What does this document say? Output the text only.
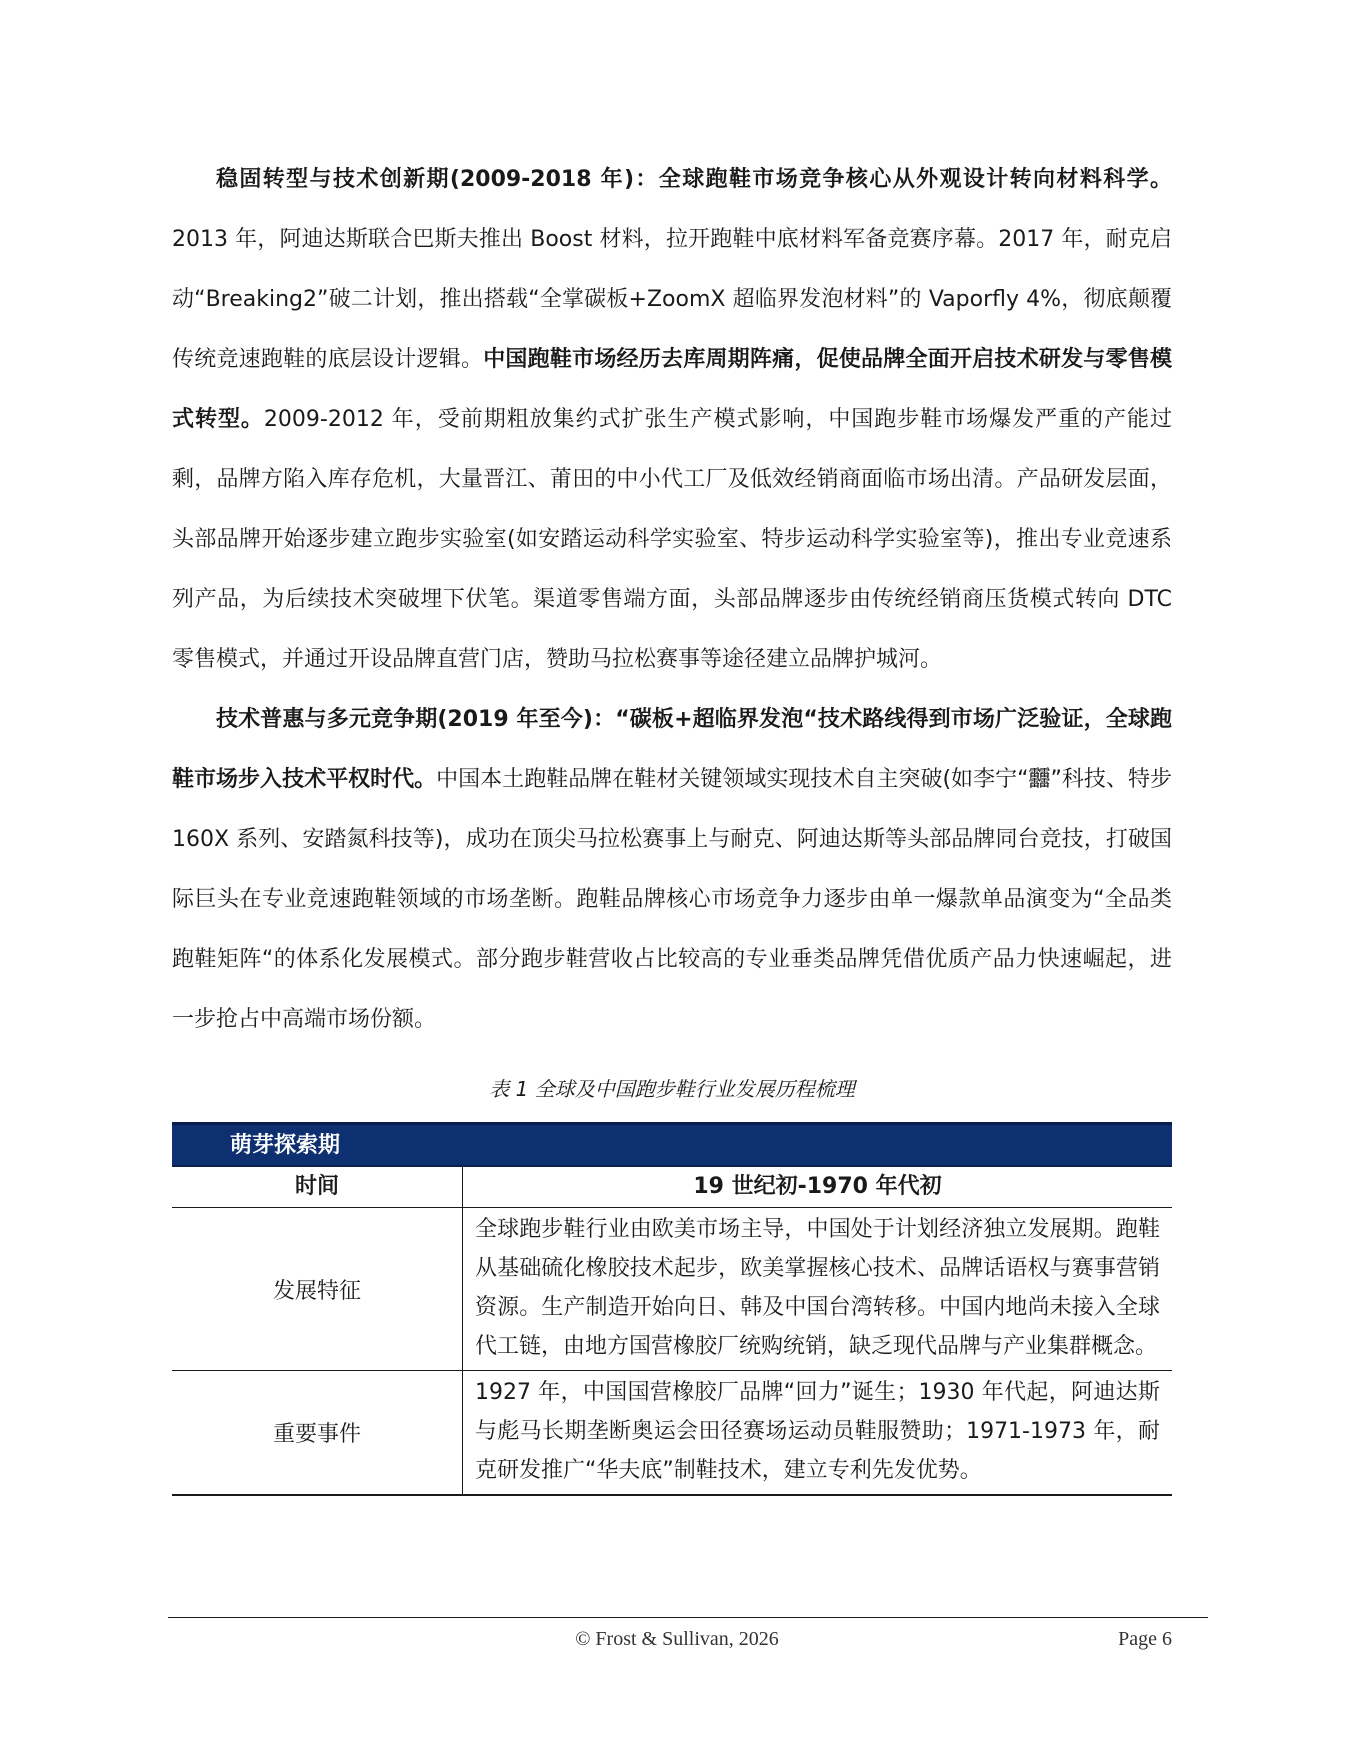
稳固转型与技术创新期(2009-2018 年)：全球跑鞋市场竞争核心从外观设计转向材料科学。2013 年，阿迪达斯联合巴斯夫推出 Boost 材料，拉开跑鞋中底材料军备竞赛序幕。2017 年，耐克启动“Breaking2”破二计划，推出搭载“全掌碳板+ZoomX 超临界发泡材料”的 Vaporfly 4%，彻底颠覆传统竞速跑鞋的底层设计逻辑。中国跑鞋市场经历去库周期阵痛，促使品牌全面开启技术研发与零售模式转型。2009-2012 年，受前期粗放集约式扩张生产模式影响，中国跑步鞋市场爆发严重的产能过剩，品牌方陷入库存危机，大量晋江、莆田的中小代工厂及低效经销商面临市场出清。产品研发层面，头部品牌开始逐步建立跑步实验室(如安踏运动科学实验室、特步运动科学实验室等)，推出专业竞速系列产品，为后续技术突破埋下伏笔。渠道零售端方面，头部品牌逐步由传统经销商压货模式转向 DTC 零售模式，并通过开设品牌直营门店，赞助马拉松赛事等途径建立品牌护城河。

技术普惠与多元竞争期(2019 年至今)：“碳板+超临界发泡“技术路线得到市场广泛验证，全球跑鞋市场步入技术平权时代。中国本土跑鞋品牌在鞋材关键领域实现技术自主突破(如李宁“䨻”科技、特步 160X 系列、安踏氮科技等)，成功在顶尖马拉松赛事上与耐克、阿迪达斯等头部品牌同台竞技，打破国际巨头在专业竞速跑鞋领域的市场垄断。跑鞋品牌核心市场竞争力逐步由单一爆款单品演变为“全品类跑鞋矩阵“的体系化发展模式。部分跑步鞋营收占比较高的专业垂类品牌凭借优质产品力快速崛起，进一步抢占中高端市场份额。

表 1 全球及中国跑步鞋行业发展历程梳理
萌芽探索期	
时间	19 世纪初-1970 年代初
发展特征	全球跑步鞋行业由欧美市场主导，中国处于计划经济独立发展期。跑鞋从基础硫化橡胶技术起步，欧美掌握核心技术、品牌话语权与赛事营销资源。生产制造开始向日、韩及中国台湾转移。中国内地尚未接入全球代工链，由地方国营橡胶厂统购统销，缺乏现代品牌与产业集群概念。
重要事件	1927 年，中国国营橡胶厂品牌“回力”诞生；1930 年代起，阿迪达斯与彪马长期垄断奥运会田径赛场运动员鞋服赞助；1971-1973 年，耐克研发推广“华夫底”制鞋技术，建立专利先发优势。
© Frost & Sullivan, 2026	Page 6
